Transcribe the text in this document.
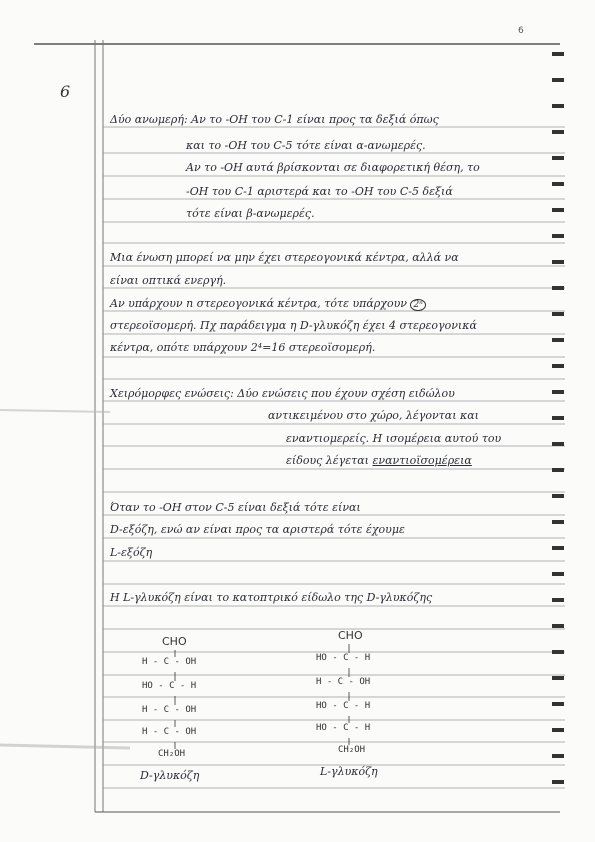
6
6
Δύο ανωμερή: Αν το -OH του C-1 είναι προς τα δεξιά όπως
και το -OH του C-5 τότε είναι α-ανωμερές.
Αν το -OH αυτά βρίσκονται σε διαφορετική θέση, το
-OH του C-1 αριστερά και το -OH του C-5 δεξιά
τότε είναι β-ανωμερές.
Μια ένωση μπορεί να μην έχει στερεογονικά κέντρα, αλλά να
είναι οπτικά ενεργή.
Αν υπάρχουν n στερεογονικά κέντρα, τότε υπάρχουν 2ⁿ
στερεοϊσομερή. Πχ παράδειγμα η D-γλυκόζη έχει 4 στερεογονικά
κέντρα, οπότε υπάρχουν 2⁴=16 στερεοϊσομερή.
Χειρόμορφες ενώσεις: Δύο ενώσεις που έχουν σχέση ειδώλου
αντικειμένου στο χώρο, λέγονται και
εναντιομερείς. Η ισομέρεια αυτού του
είδους λέγεται εναντιοϊσομέρεια
Όταν το -OH στον C-5 είναι δεξιά τότε είναι
D-εξόζη, ενώ αν είναι προς τα αριστερά τότε έχουμε
L-εξόζη
Η L-γλυκόζη είναι το κατοπτρικό είδωλο της D-γλυκόζης
CHO
H - C - OH
HO - C - H
H - C - OH
H - C - OH
CH₂OH
D-γλυκόζη
CHO
HO - C - H
H - C - OH
HO - C - H
HO - C - H
CH₂OH
L-γλυκόζη
